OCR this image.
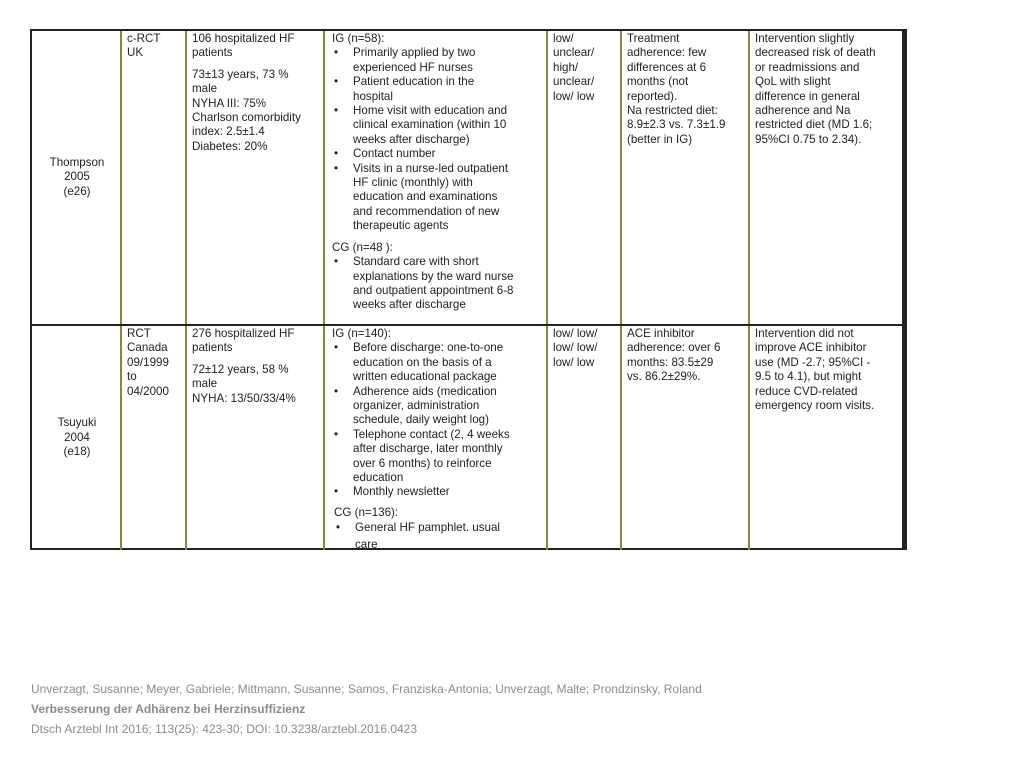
Thompson
2005
(e26)
c-RCT
UK
106 hospitalized HF
patients
73±13 years, 73 %
male
NYHA III: 75%
Charlson comorbidity
index: 2.5±1.4
Diabetes: 20%
IG (n=58):
• Primarily applied by two
experienced HF nurses
• Patient education in the
hospital
• Home visit with education and
clinical examination (within 10
weeks after discharge)
• Contact number
• Visits in a nurse-led outpatient
HF clinic (monthly) with
education and examinations
and recommendation of new
therapeutic agents
CG (n=48 ):
• Standard care with short
explanations by the ward nurse
and outpatient appointment 6-8
weeks after discharge
low/
unclear/
high/
unclear/
low/ low
Treatment
adherence: few
differences at 6
months (not
reported).
Na restricted diet:
8.9±2.3 vs. 7.3±1.9
(better in IG)
Intervention slightly
decreased risk of death
or readmissions and
QoL with slight
difference in general
adherence and Na
restricted diet (MD 1.6;
95%CI 0.75 to 2.34).
Tsuyuki
2004
(e18)
RCT
Canada
09/1999
to
04/2000
276 hospitalized HF
patients
72±12 years, 58 %
male
NYHA: 13/50/33/4%
IG (n=140):
• Before discharge: one-to-one
education on the basis of a
written educational package
• Adherence aids (medication
organizer, administration
schedule, daily weight log)
• Telephone contact (2, 4 weeks
after discharge, later monthly
over 6 months) to reinforce
education
• Monthly newsletter
CG (n=136):
• General HF pamphlet. usual
care
low/ low/
low/ low/
low/ low
ACE inhibitor
adherence: over 6
months: 83.5±29
vs. 86.2±29%.
Intervention did not
improve ACE inhibitor
use (MD -2.7; 95%CI -
9.5 to 4.1), but might
reduce CVD-related
emergency room visits.
Unverzagt, Susanne; Meyer, Gabriele; Mittmann, Susanne; Samos, Franziska-Antonia; Unverzagt, Malte; Prondzinsky, Roland
Verbesserung der Adhärenz bei Herzinsuffizienz
Dtsch Arztebl Int 2016; 113(25): 423-30; DOI: 10.3238/arztebl.2016.0423
